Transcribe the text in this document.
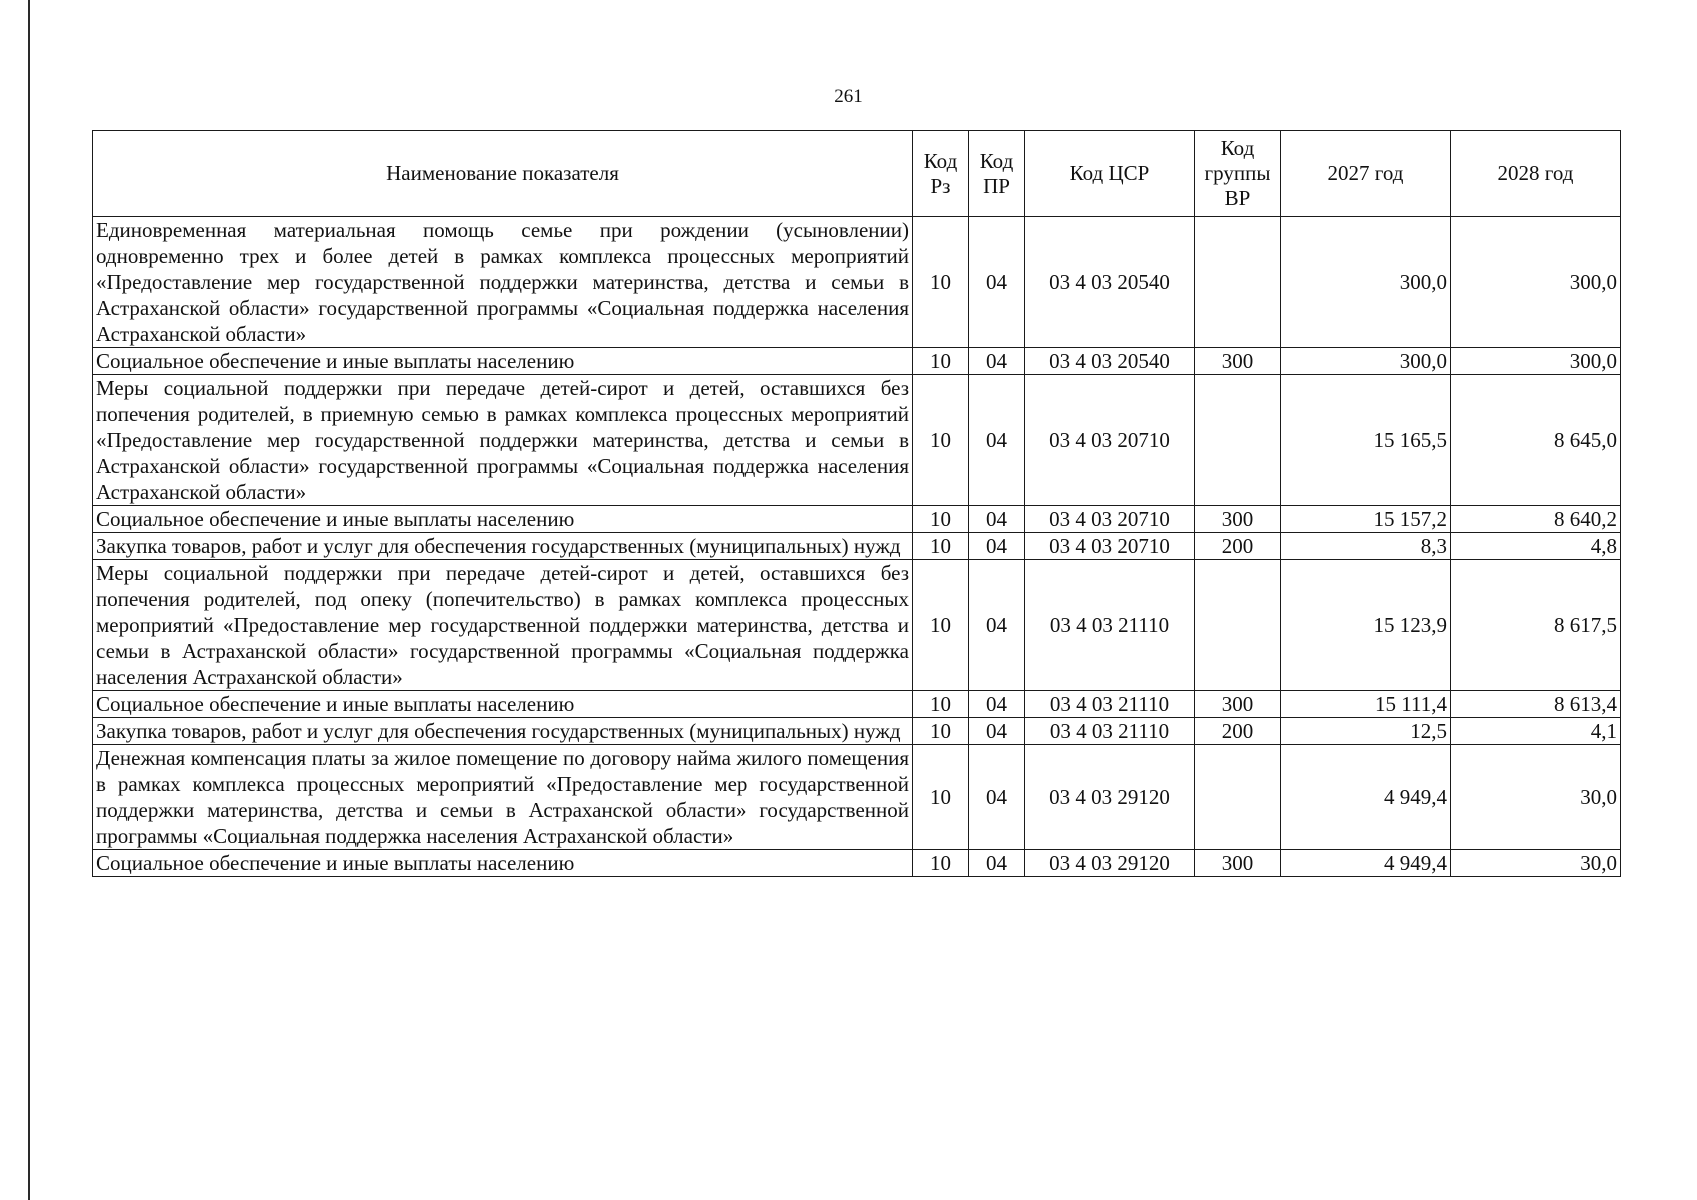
261
Наименование показателя	Код Рз	Код ПР	Код ЦСР	Код группы ВР	2027 год	2028 год
Единовременная материальная помощь семье при рождении (усыновлении) одновременно трех и более детей в рамках комплекса процессных мероприятий «Предоставление мер государственной поддержки материнства, детства и семьи в Астраханской области» государственной программы «Социальная поддержка населения Астраханской области»	10	04	03 4 03 20540		300,0	300,0
Социальное обеспечение и иные выплаты населению	10	04	03 4 03 20540	300	300,0	300,0
Меры социальной поддержки при передаче детей-сирот и детей, оставшихся без попечения родителей, в приемную семью в рамках комплекса процессных мероприятий «Предоставление мер государственной поддержки материнства, детства и семьи в Астраханской области» государственной программы «Социальная поддержка населения Астраханской области»	10	04	03 4 03 20710		15 165,5	8 645,0
Социальное обеспечение и иные выплаты населению	10	04	03 4 03 20710	300	15 157,2	8 640,2
Закупка товаров, работ и услуг для обеспечения государственных (муниципальных) нужд	10	04	03 4 03 20710	200	8,3	4,8
Меры социальной поддержки при передаче детей-сирот и детей, оставшихся без попечения родителей, под опеку (попечительство) в рамках комплекса процессных мероприятий «Предоставление мер государственной поддержки материнства, детства и семьи в Астраханской области» государственной программы «Социальная поддержка населения Астраханской области»	10	04	03 4 03 21110		15 123,9	8 617,5
Социальное обеспечение и иные выплаты населению	10	04	03 4 03 21110	300	15 111,4	8 613,4
Закупка товаров, работ и услуг для обеспечения государственных (муниципальных) нужд	10	04	03 4 03 21110	200	12,5	4,1
Денежная компенсация платы за жилое помещение по договору найма жилого помещения в рамках комплекса процессных мероприятий «Предоставление мер государственной поддержки материнства, детства и семьи в Астраханской области» государственной программы «Социальная поддержка населения Астраханской области»	10	04	03 4 03 29120		4 949,4	30,0
Социальное обеспечение и иные выплаты населению	10	04	03 4 03 29120	300	4 949,4	30,0
